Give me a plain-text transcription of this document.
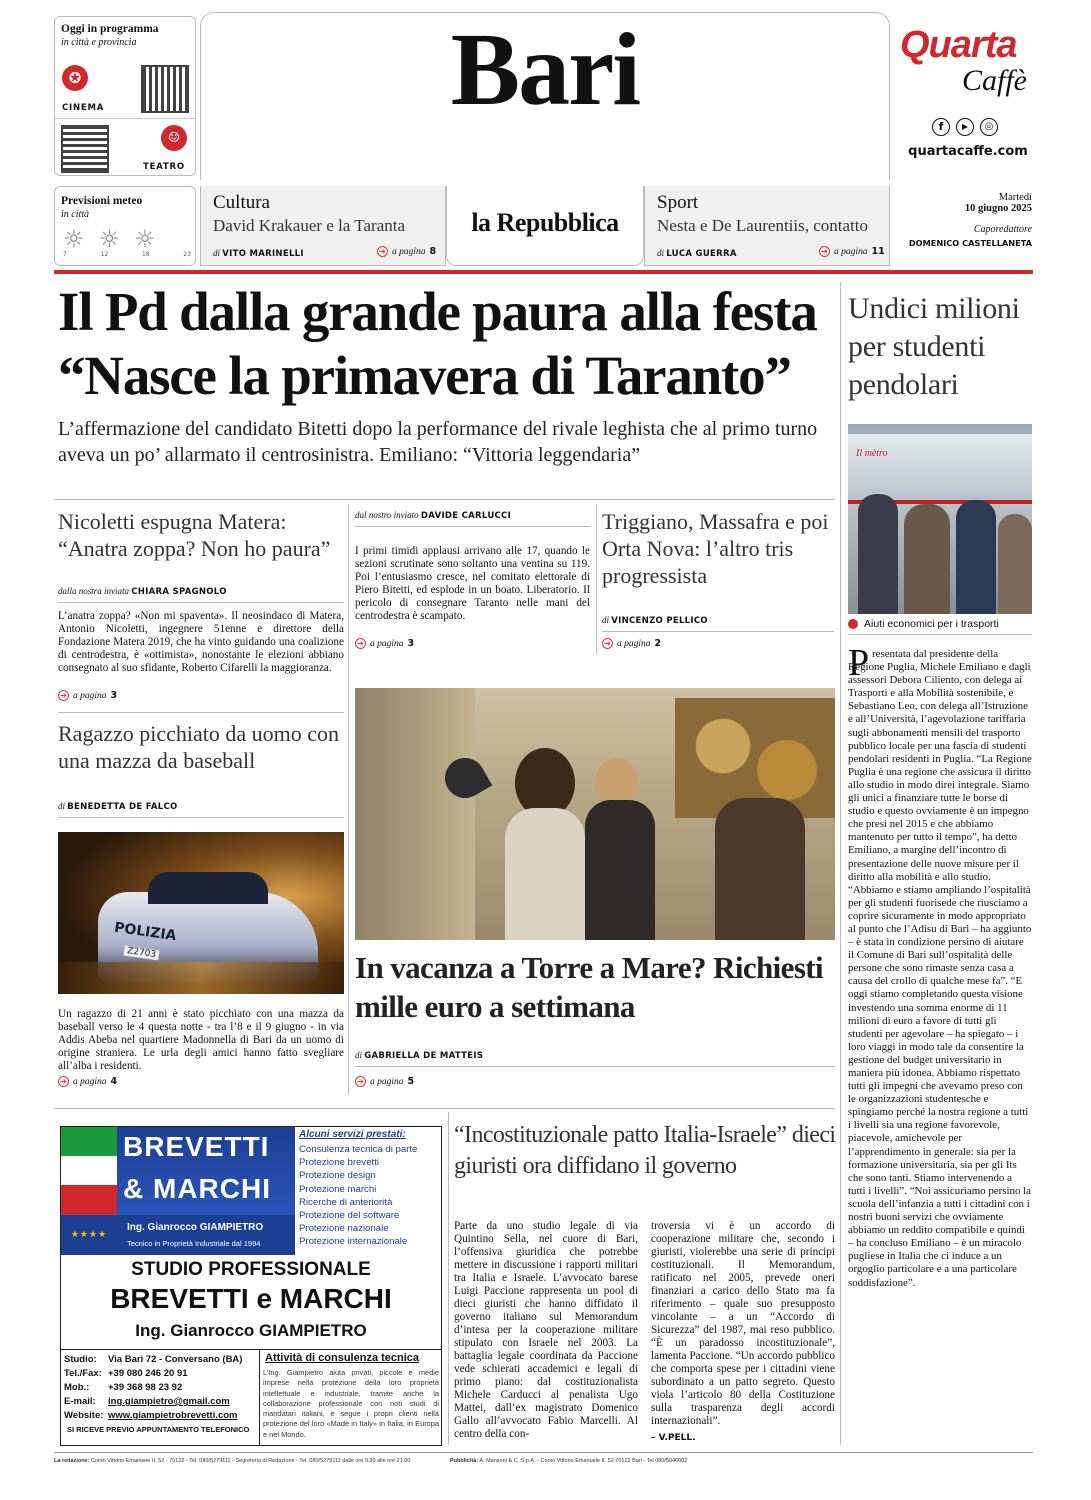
Oggi in programma
in città e provincia
✪
CINEMA
☺
TEATRO
Bari	Quarta
Caffè
f	▶	◎
quartacaffe.com
Previsioni meteo
in città
☼ ☼ ☼
7	12	18	23
Cultura
David Krakauer e la Taranta
di VITO MARINELLI	➔ a pagina 8
la Repubblica
Sport
Nesta e De Laurentiis, contatto
di LUCA GUERRA	➔ a pagina 11
Martedì
10 giugno 2025
Caporedattore
DOMENICO CASTELLANETA
Il Pd dalla grande paura alla festa
“Nasce la primavera di Taranto”
L’affermazione del candidato Bitetti dopo la performance del rivale leghista che al primo turno aveva un po’ allarmato il centrosinistra. Emiliano: “Vittoria leggendaria”
Nicoletti espugna Matera: “Anatra zoppa? Non ho paura”
dalla nostra inviata CHIARA SPAGNOLO
L’anatra zoppa? «Non mi spaventa». Il neosindaco di Matera, Antonio Nicoletti, ingegnere 51enne e direttore della Fondazione Matera 2019, che ha vinto guidando una coalizione di centrodestra, è «ottimista», nonostante le elezioni abbiano consegnato al suo sfidante, Roberto Cifarelli la maggioranza.
➔ a pagina 3
dal nostro inviato DAVIDE CARLUCCI
I primi timidi applausi arrivano alle 17, quando le sezioni scrutinate sono soltanto una ventina su 119. Poi l’entusiasmo cresce, nel comitato elettorale di Piero Bitetti, ed esplode in un boato. Liberatorio. Il pericolo di consegnare Taranto nelle mani del centrodestra è scampato.
➔ a pagina 3
Triggiano, Massafra e poi Orta Nova: l’altro tris progressista
di VINCENZO PELLICO
➔ a pagina 2
Ragazzo picchiato da uomo con una mazza da baseball
di BENEDETTA DE FALCO
POLIZIA
Z2703
Un ragazzo di 21 anni è stato picchiato con una mazza da baseball verso le 4 questa notte - tra l’8 e il 9 giugno - in via Addis Abeba nel quartiere Madonnella di Bari da un uomo di origine straniera. Le urla degli amici hanno fatto svegliare all’alba i residenti.
➔ a pagina 4
In vacanza a Torre a Mare? Richiesti mille euro a settimana
di GABRIELLA DE MATTEIS
➔ a pagina 5
Undici milioni per studenti pendolari
Il mètro
Aiuti economici per i trasporti
P resentata dal presidente della Regione Puglia, Michele Emiliano e dagli assessori Debora Ciliento, con delega ai Trasporti e alla Mobilità sostenibile, e Sebastiano Leo, con delega all’Istruzione e all’Università, l’agevolazione tariffaria sugli abbonamenti mensili del trasporto pubblico locale per una fascia di studenti pendolari residenti in Puglia. “La Regione Puglia è una regione che assicura il diritto allo studio in modo direi integrale. Siamo gli unici a finanziare tutte le borse di studio e questo ovviamente è un impegno che presi nel 2015 e che abbiamo mantenuto per tutto il tempo”, ha detto Emiliano, a margine dell’incontro di presentazione delle nuove misure per il diritto alla mobilità e allo studio. “Abbiamo e stiamo ampliando l’ospitalità per gli studenti fuorisede che riusciamo a coprire sicuramente in modo appropriato al punto che l’Adisu di Bari – ha aggiunto – è stata in condizione persino di aiutare il Comune di Bari sull’ospitalità delle persone che sono rimaste senza casa a causa del crollo di qualche mese fa”. “E oggi stiamo completando questa visione investendo una somma enorme di 11 milioni di euro a favore di tutti gli studenti per agevolare – ha spiegato – i loro viaggi in modo tale da consentire la gestione del budget universitario in maniera più idonea. Abbiamo rispettato tutti gli impegni che avevamo preso con le organizzazioni studentesche e spingiamo perché la nostra regione a tutti i livelli sia una regione favorevole, piacevole, amichevole per l’apprendimento in generale: sia per la formazione universitaria, sia per gli Its che sono tanti. Stiamo intervenendo a tutti i livelli”. “Noi assicuriamo persino la scuola dell’infanzia a tutti i cittadini con i nostri buoni servizi che ovviamente abbiamo un reddito compatibile e quindi – ha concluso Emiliano – è un miracolo pugliese in Italia che ci induce a un orgoglio particolare e a una particolare soddisfazione”.
★★★★
BREVETTI
& MARCHI
Ing. Gianrocco GIAMPIETRO
Tecnico in Proprietà Industriale dal 1994
Alcuni servizi prestati:
Consulenza tecnica di parte
Protezione brevetti
Protezione design
Protezione marchi
Ricerche di anteriorità
Protezione del software
Protezione nazionale
Protezione internazionale
STUDIO PROFESSIONALE
BREVETTI e MARCHI
Ing. Gianrocco GIAMPIETRO
Studio: Via Bari 72 - Conversano (BA)
Tel./Fax: +39 080 246 20 91
Mob.: +39 368 98 23 92
E-mail: ing.giampietro@gmail.com
Website: www.giampietrobrevetti.com
SI RICEVE PREVIO APPUNTAMENTO TELEFONICO
Attività di consulenza tecnica
L’Ing. Giampietro aiuta privati, piccole e medie imprese nella protezione della loro proprietà intellettuale e industriale, tramite anche la collaborazione professionale con noti studi di mandatari italiani, e segue i propri clienti nella protezione del loro «Made in Italy» in Italia, in Europa e nel Mondo.
“Incostituzionale patto Italia-Israele” dieci giuristi ora diffidano il governo
Parte da uno studio legale di via Quintino Sella, nel cuore di Bari, l’offensiva giuridica che potrebbe mettere in discussione i rapporti militari tra Italia e Israele. L’avvocato barese Luigi Paccione rappresenta un pool di dieci giuristi che hanno diffidato il governo italiano sul Memorandum d’intesa per la cooperazione militare stipulato con Israele nel 2003. La battaglia legale coordinata da Paccione vede schierati accademici e legali di primo piano: dal costituzionalista Michele Carducci al penalista Ugo Mattei, dall’ex magistrato Domenico Gallo all’avvocato Fabio Marcelli. Al centro della con-
troversia vi è un accordo di cooperazione militare che, secondo i giuristi, violerebbe una serie di principi costituzionali. Il Memorandum, ratificato nel 2005, prevede oneri finanziari a carico dello Stato ma fa riferimento – quale suo presupposto vincolante – a un “Accordo di Sicurezza” del 1987, mai reso pubblico. “È un paradosso incostituzionale”, lamenta Paccione. “Un accordo pubblico che comporta spese per i cittadini viene subordinato a un patto segreto. Questo viola l’articolo 80 della Costituzione sulla trasparenza degli accordi internazionali”.
– V.PELL.
La redazione: Corso Vittorio Emanuele II, 52 - 70122 - Tel. 080/5279111 - Segreteria di Redazione - Tel. 080/5279111 dalle ore 9.30 alle ore 21.00	Pubblicità: A. Manzoni & C. S.p.A. - Corso Vittorio Emanuele II, 52 70122 Bari - Tel 080/5046002
